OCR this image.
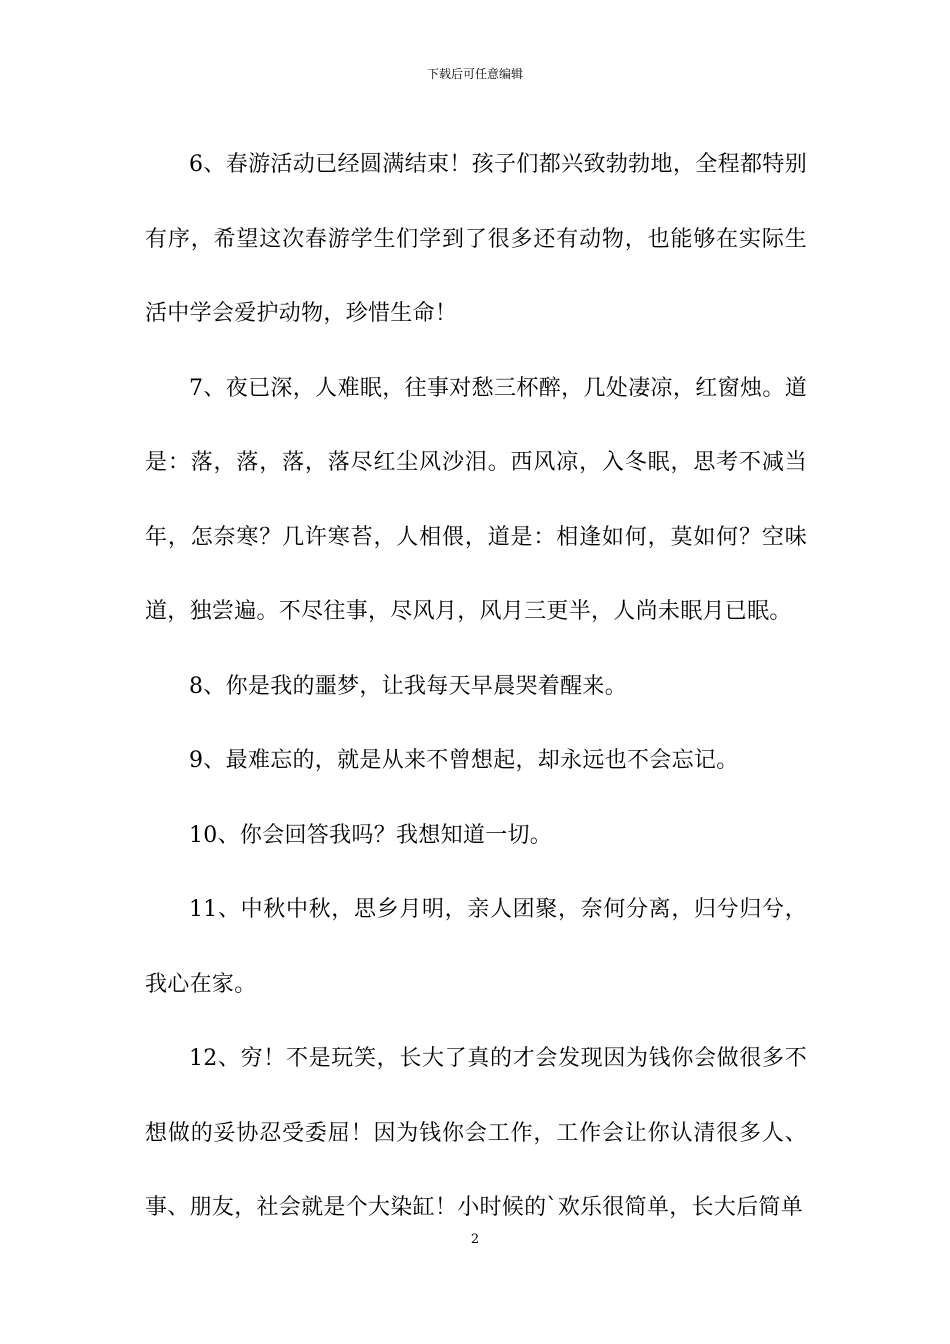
下载后可任意编辑

6、春游活动已经圆满结束！孩子们都兴致勃勃地，全程都特别有序，希望这次春游学生们学到了很多还有动物，也能够在实际生活中学会爱护动物，珍惜生命！

7、夜已深，人难眠，往事对愁三杯醉，几处凄凉，红窗烛。道是：落，落，落，落尽红尘风沙泪。西风凉，入冬眠，思考不减当年，怎奈寒？几许寒苔，人相偎，道是：相逢如何，莫如何？空味道，独尝遍。不尽往事，尽风月，风月三更半，人尚未眠月已眠。

8、你是我的噩梦，让我每天早晨哭着醒来。

9、最难忘的，就是从来不曾想起，却永远也不会忘记。

10、你会回答我吗？我想知道一切。

11、中秋中秋，思乡月明，亲人团聚，奈何分离，归兮归兮，我心在家。

12、穷！不是玩笑，长大了真的才会发现因为钱你会做很多不想做的妥协忍受委屈！因为钱你会工作，工作会让你认清很多人、事、朋友，社会就是个大染缸！小时候的`欢乐很简单，长大后简单

2
